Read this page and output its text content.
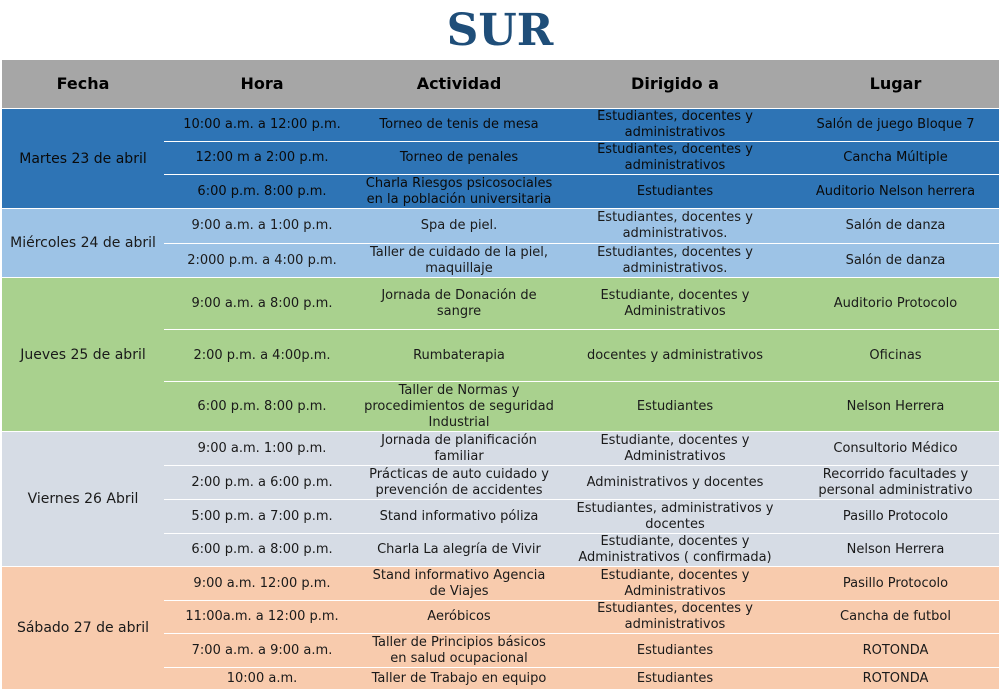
SUR
Fecha	Hora	Actividad	Dirigido a	Lugar
Martes 23 de abril	10:00 a.m. a 12:00 p.m.	Torneo de tenis de mesa	Estudiantes, docentes y administrativos	Salón de juego Bloque 7
	12:00 m a 2:00 p.m.	Torneo de penales	Estudiantes, docentes y administrativos	Cancha Múltiple
	6:00 p.m. 8:00 p.m.	Charla Riesgos psicosociales en la población universitaria	Estudiantes	Auditorio Nelson herrera
Miércoles 24 de abril	9:00 a.m. a 1:00 p.m.	Spa de piel.	Estudiantes, docentes y administrativos.	Salón de danza
	2:000 p.m. a 4:00 p.m.	Taller de cuidado de la piel, maquillaje	Estudiantes, docentes y administrativos.	Salón de danza
Jueves 25 de abril	9:00 a.m. a 8:00 p.m.	Jornada de Donación de sangre	Estudiante, docentes y Administrativos	Auditorio Protocolo
	2:00 p.m. a 4:00p.m.	Rumbaterapia	docentes y administrativos	Oficinas
	6:00 p.m. 8:00 p.m.	Taller de Normas y procedimientos de seguridad Industrial	Estudiantes	Nelson Herrera
Viernes 26 Abril	9:00 a.m. 1:00 p.m.	Jornada de planificación familiar	Estudiante, docentes y Administrativos	Consultorio Médico
	2:00 p.m. a 6:00 p.m.	Prácticas de auto cuidado y prevención de accidentes	Administrativos y docentes	Recorrido facultades y personal administrativo
	5:00 p.m. a 7:00 p.m.	Stand informativo póliza	Estudiantes, administrativos y docentes	Pasillo Protocolo
	6:00 p.m. a 8:00 p.m.	Charla La alegría de Vivir	Estudiante, docentes y Administrativos ( confirmada)	Nelson Herrera
Sábado 27 de abril	9:00 a.m. 12:00 p.m.	Stand informativo Agencia de Viajes	Estudiante, docentes y Administrativos	Pasillo Protocolo
	11:00a.m. a 12:00 p.m.	Aeróbicos	Estudiantes, docentes y administrativos	Cancha de futbol
	7:00 a.m. a 9:00 a.m.	Taller de Principios básicos en salud ocupacional	Estudiantes	ROTONDA
	10:00 a.m.	Taller de Trabajo en equipo	Estudiantes	ROTONDA
